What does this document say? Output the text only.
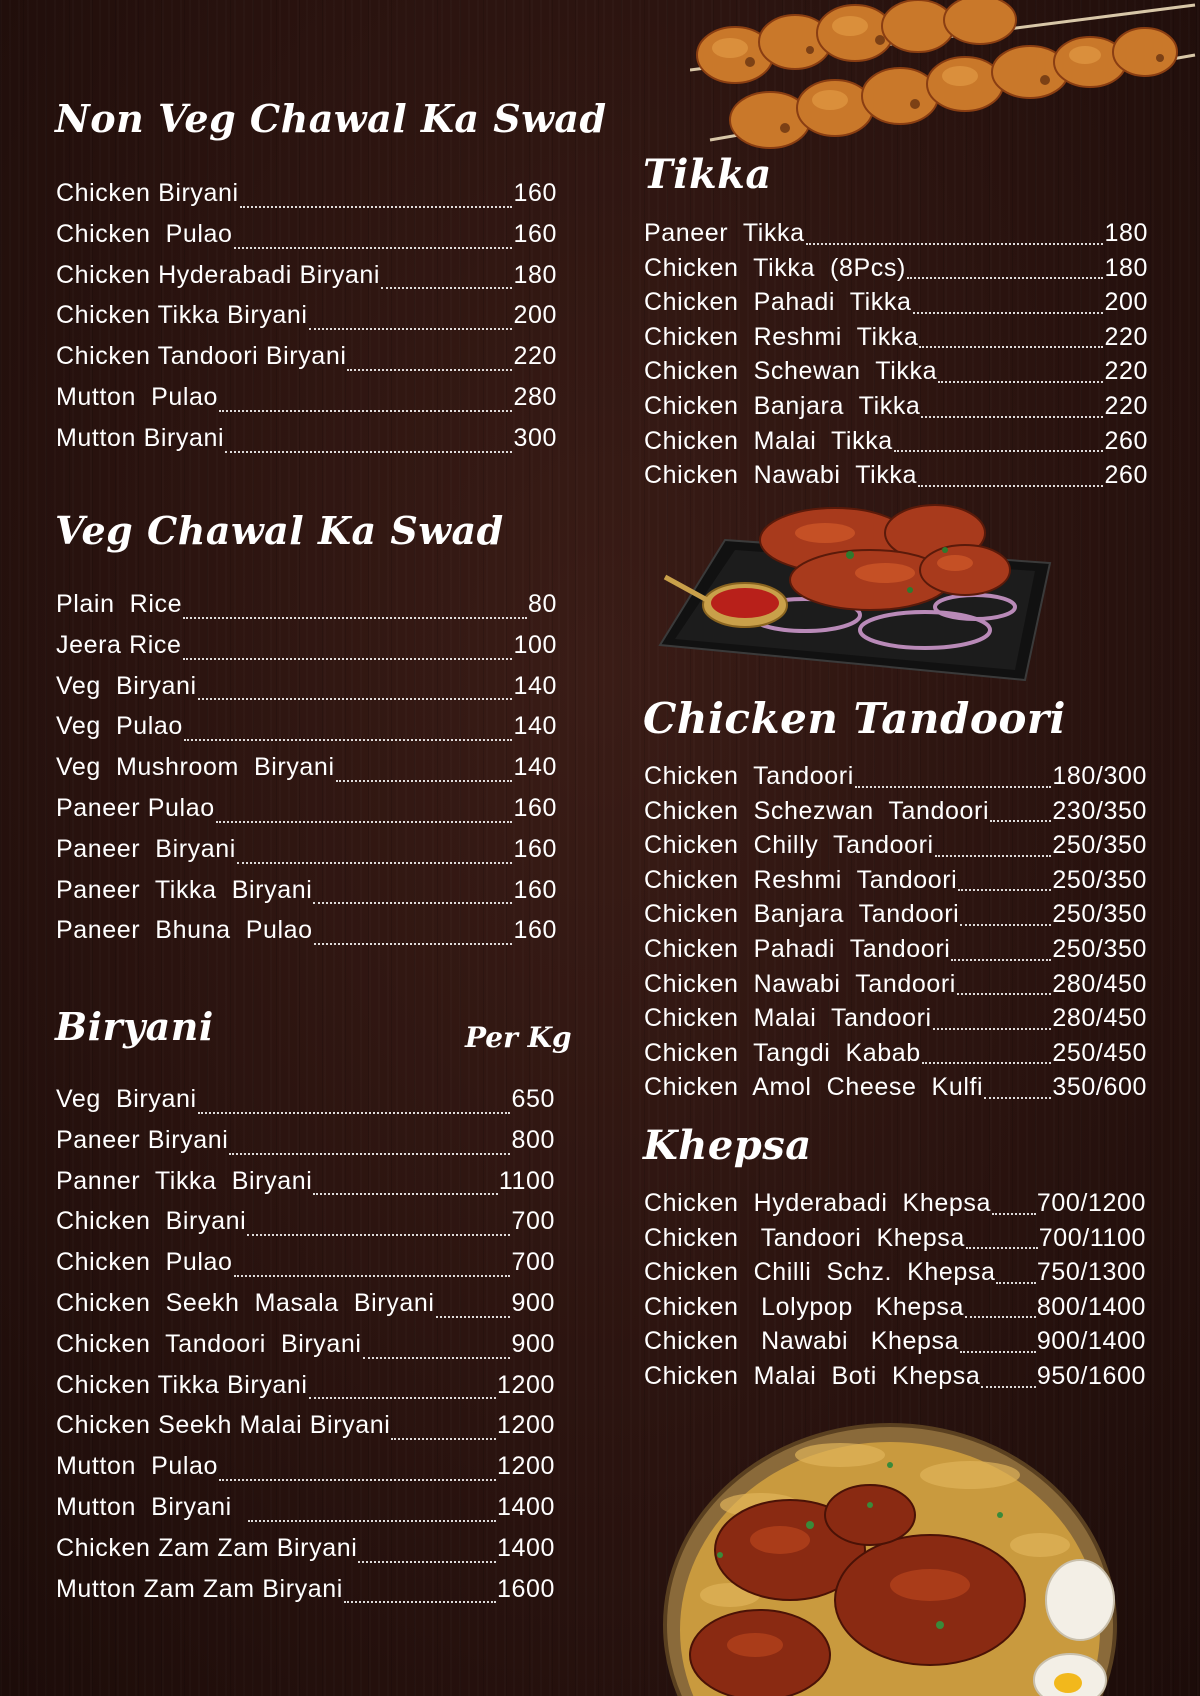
Non Veg Chawal Ka Swad
Chicken Biryani	160
Chicken  Pulao	160
Chicken Hyderabadi Biryani	180
Chicken Tikka Biryani	200
Chicken Tandoori Biryani	220
Mutton  Pulao	280
Mutton Biryani	300
Veg Chawal Ka Swad
Plain  Rice	80
Jeera Rice	100
Veg  Biryani	140
Veg  Pulao	140
Veg  Mushroom  Biryani	140
Paneer Pulao	160
Paneer  Biryani	160
Paneer  Tikka  Biryani	160
Paneer  Bhuna  Pulao	160
Biryani	Per Kg
Veg  Biryani	650
Paneer Biryani	800
Panner  Tikka  Biryani	1100
Chicken  Biryani	700
Chicken  Pulao	700
Chicken  Seekh  Masala  Biryani	900
Chicken  Tandoori  Biryani	900
Chicken Tikka Biryani	1200
Chicken Seekh Malai Biryani	1200
Mutton  Pulao	1200
Mutton  Biryani	1400
Chicken Zam Zam Biryani	1400
Mutton Zam Zam Biryani	1600
Tikka
Paneer  Tikka	180
Chicken  Tikka  (8Pcs)	180
Chicken  Pahadi  Tikka	200
Chicken  Reshmi  Tikka	220
Chicken  Schewan  Tikka	220
Chicken  Banjara  Tikka	220
Chicken  Malai  Tikka	260
Chicken  Nawabi  Tikka	260
Chicken Tandoori
Chicken  Tandoori	180/300
Chicken  Schezwan  Tandoori	230/350
Chicken  Chilly  Tandoori	250/350
Chicken  Reshmi  Tandoori	250/350
Chicken  Banjara  Tandoori	250/350
Chicken  Pahadi  Tandoori	250/350
Chicken  Nawabi  Tandoori	280/450
Chicken  Malai  Tandoori	280/450
Chicken  Tangdi  Kabab	250/450
Chicken  Amol  Cheese  Kulfi	350/600
Khepsa
Chicken  Hyderabadi  Khepsa 700/1200
Chicken   Tandoori  Khepsa	700/1100
Chicken  Chilli  Schz.  Khepsa 750/1300
Chicken   Lolypop   Khepsa	800/1400
Chicken   Nawabi   Khepsa	900/1400
Chicken  Malai  Boti  Khepsa 950/1600
